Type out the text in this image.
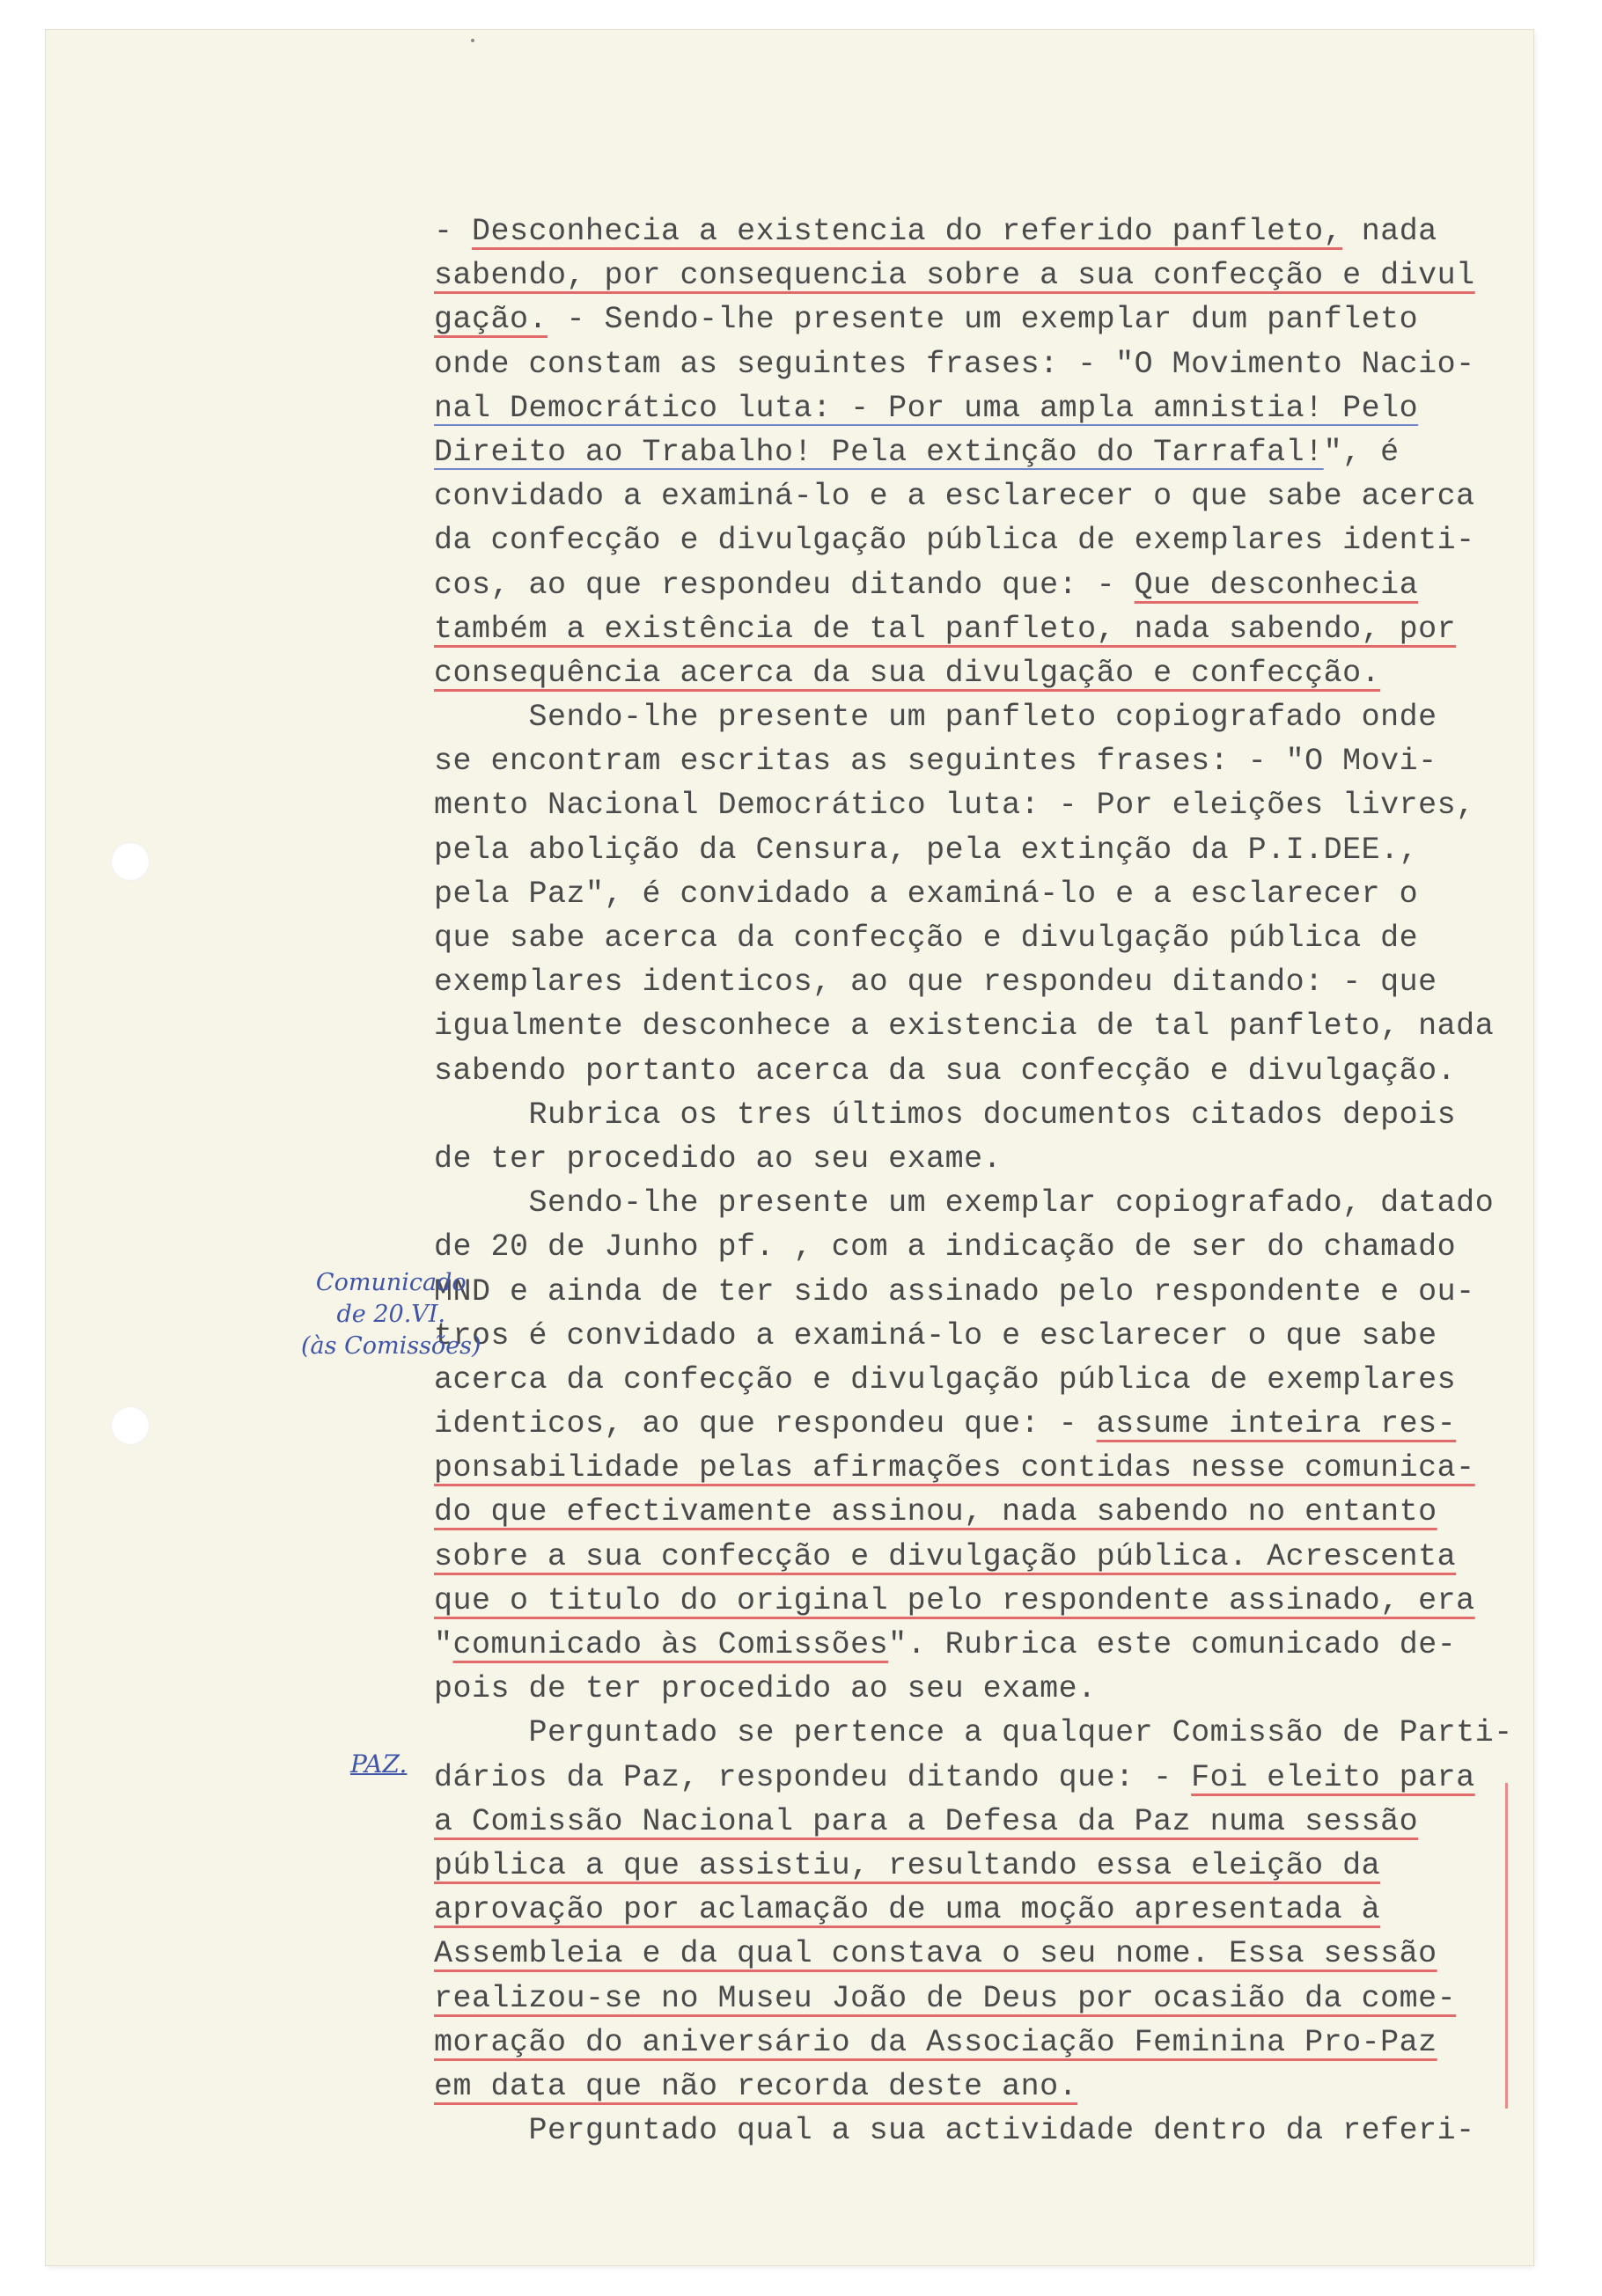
- Desconhecia a existencia do referido panfleto, nada
sabendo, por consequencia sobre a sua confecção e divul
gação. - Sendo-lhe presente um exemplar dum panfleto
onde constam as seguintes frases: - "O Movimento Nacio-
nal Democrático luta: - Por uma ampla amnistia! Pelo
Direito ao Trabalho! Pela extinção do Tarrafal!", é
convidado a examiná-lo e a esclarecer o que sabe acerca
da confecção e divulgação pública de exemplares identi-
cos, ao que respondeu ditando que: - Que desconhecia
também a existência de tal panfleto, nada sabendo, por
consequência acerca da sua divulgação e confecção.
Sendo-lhe presente um panfleto copiografado onde
se encontram escritas as seguintes frases: - "O Movi-
mento Nacional Democrático luta: - Por eleições livres,
pela abolição da Censura, pela extinção da P.I.DEE.,
pela Paz", é convidado a examiná-lo e a esclarecer o
que sabe acerca da confecção e divulgação pública de
exemplares identicos, ao que respondeu ditando: - que
igualmente desconhece a existencia de tal panfleto, nada
sabendo portanto acerca da sua confecção e divulgação.
Rubrica os tres últimos documentos citados depois
de ter procedido ao seu exame.
Sendo-lhe presente um exemplar copiografado, datado
de 20 de Junho pf. , com a indicação de ser do chamado
MND e ainda de ter sido assinado pelo respondente e ou-
tros é convidado a examiná-lo e esclarecer o que sabe
acerca da confecção e divulgação pública de exemplares
identicos, ao que respondeu que: - assume inteira res-
ponsabilidade pelas afirmações contidas nesse comunica-
do que efectivamente assinou, nada sabendo no entanto
sobre a sua confecção e divulgação pública. Acrescenta
que o titulo do original pelo respondente assinado, era
"comunicado às Comissões". Rubrica este comunicado de-
pois de ter procedido ao seu exame.
Perguntado se pertence a qualquer Comissão de Parti-
dários da Paz, respondeu ditando que: - Foi eleito para
a Comissão Nacional para a Defesa da Paz numa sessão
pública a que assistiu, resultando essa eleição da
aprovação por aclamação de uma moção apresentada à
Assembleia e da qual constava o seu nome. Essa sessão
realizou-se no Museu João de Deus por ocasião da come-
moração do aniversário da Associação Feminina Pro-Paz
em data que não recorda deste ano.
Perguntado qual a sua actividade dentro da referi-
Comunicado
de 20.VI.
(às Comissões)
PAZ.
